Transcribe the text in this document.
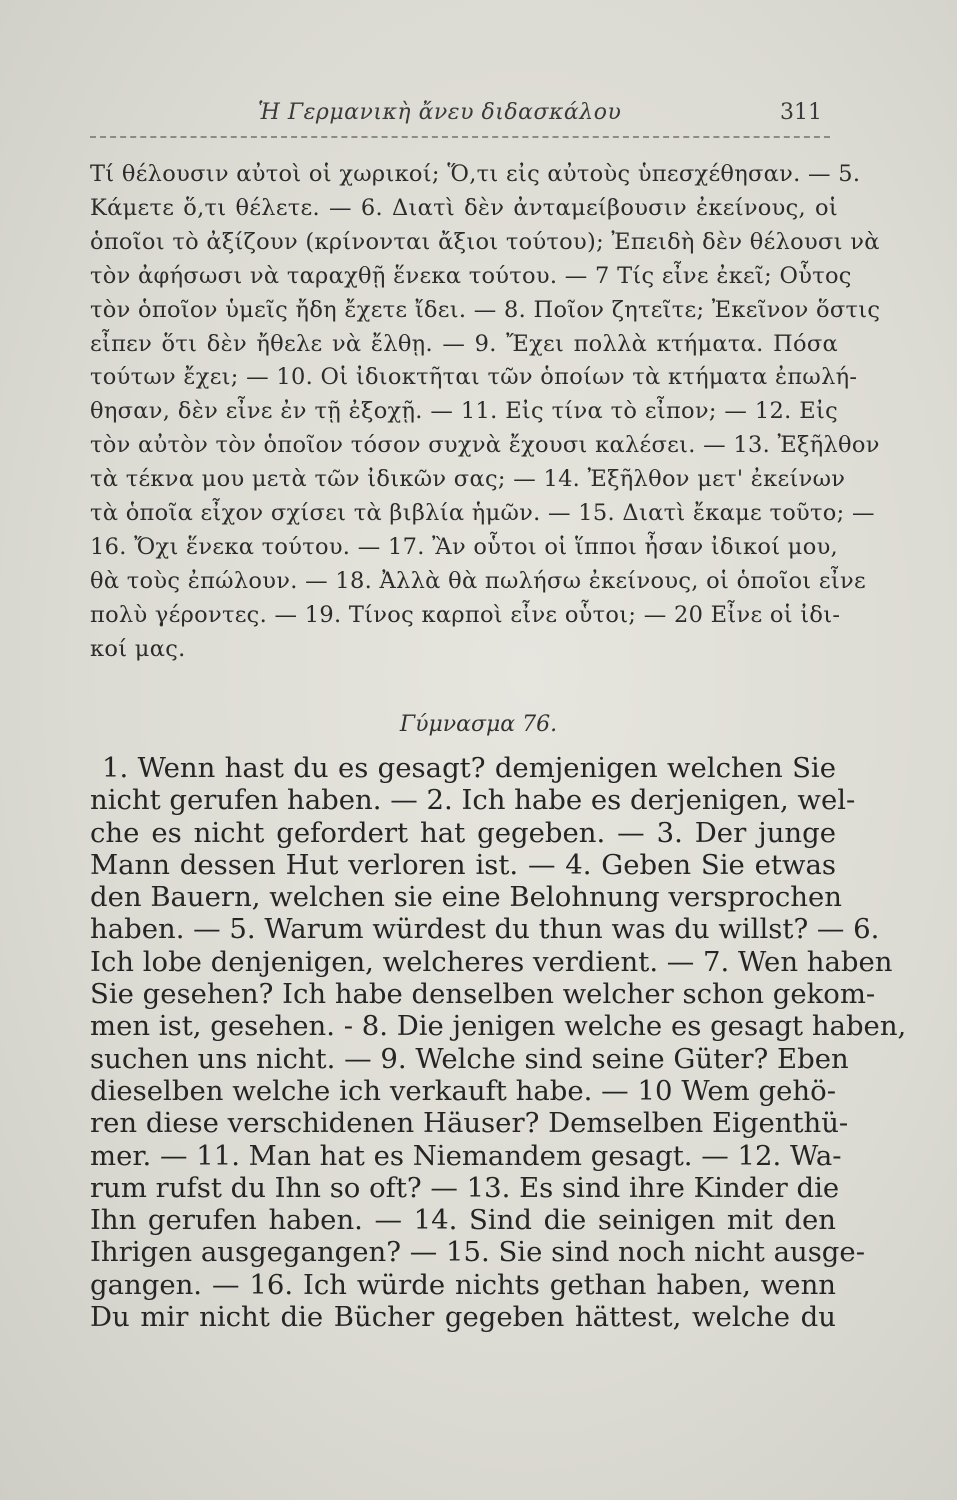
Ἡ Γερμανικὴ ἄνευ διδασκάλου	311
Τί θέλουσιν αὐτοὶ οἱ χωρικοί; Ὅ,τι εἰς αὐτοὺς ὑπεσχέθησαν. — 5.
Κάμετε ὅ,τι θέλετε. — 6. Διατὶ δὲν ἀνταμείβουσιν ἐκείνους, οἱ
ὁποῖοι τὸ ἀξίζουν (κρίνονται ἄξιοι τούτου); Ἐπειδὴ δὲν θέλουσι νὰ
τὸν ἀφήσωσι νὰ ταραχθῇ ἕνεκα τούτου. — 7 Τίς εἶνε ἐκεῖ; Οὗτος
τὸν ὁποῖον ὑμεῖς ἤδη ἔχετε ἴδει. — 8. Ποῖον ζητεῖτε; Ἐκεῖνον ὅστις
εἶπεν ὅτι δὲν ἤθελε νὰ ἔλθῃ. — 9. Ἔχει πολλὰ κτήματα. Πόσα
τούτων ἔχει; — 10. Οἱ ἰδιοκτῆται τῶν ὁποίων τὰ κτήματα ἐπωλή-
θησαν, δὲν εἶνε ἐν τῇ ἐξοχῇ. — 11. Εἰς τίνα τὸ εἶπον; — 12. Εἰς
τὸν αὐτὸν τὸν ὁποῖον τόσον συχνὰ ἔχουσι καλέσει. — 13. Ἐξῆλθον
τὰ τέκνα μου μετὰ τῶν ἰδικῶν σας; — 14. Ἐξῆλθον μετ' ἐκείνων
τὰ ὁποῖα εἶχον σχίσει τὰ βιβλία ἡμῶν. — 15. Διατὶ ἔκαμε τοῦτο; —
16. Ὄχι ἕνεκα τούτου. — 17. Ἂν οὗτοι οἱ ἵπποι ἦσαν ἰδικοί μου,
θὰ τοὺς ἐπώλουν. — 18. Ἀλλὰ θὰ πωλήσω ἐκείνους, οἱ ὁποῖοι εἶνε
πολὺ γέροντες. — 19. Τίνος καρποὶ εἶνε οὗτοι; — 20 Εἶνε οἱ ἰδι-
κοί μας.
Γύμνασμα 76.
1. Wenn hast du es gesagt? demjenigen welchen Sie
nicht gerufen haben. — 2. Ich habe es derjenigen, wel-
che es nicht gefordert hat gegeben. — 3. Der junge
Mann dessen Hut verloren ist. — 4. Geben Sie etwas
den Bauern, welchen sie eine Belohnung versprochen
haben. — 5. Warum würdest du thun was du willst? — 6.
Ich lobe denjenigen, welcheres verdient. — 7. Wen haben
Sie gesehen? Ich habe denselben welcher schon gekom-
men ist, gesehen. - 8. Die jenigen welche es gesagt haben,
suchen uns nicht. — 9. Welche sind seine Güter? Eben
dieselben welche ich verkauft habe. — 10 Wem gehö-
ren diese verschidenen Häuser? Demselben Eigenthü-
mer. — 11. Man hat es Niemandem gesagt. — 12. Wa-
rum rufst du Ihn so oft? — 13. Es sind ihre Kinder die
Ihn gerufen haben. — 14. Sind die seinigen mit den
Ihrigen ausgegangen? — 15. Sie sind noch nicht ausge-
gangen. — 16. Ich würde nichts gethan haben, wenn
Du mir nicht die Bücher gegeben hättest, welche du
